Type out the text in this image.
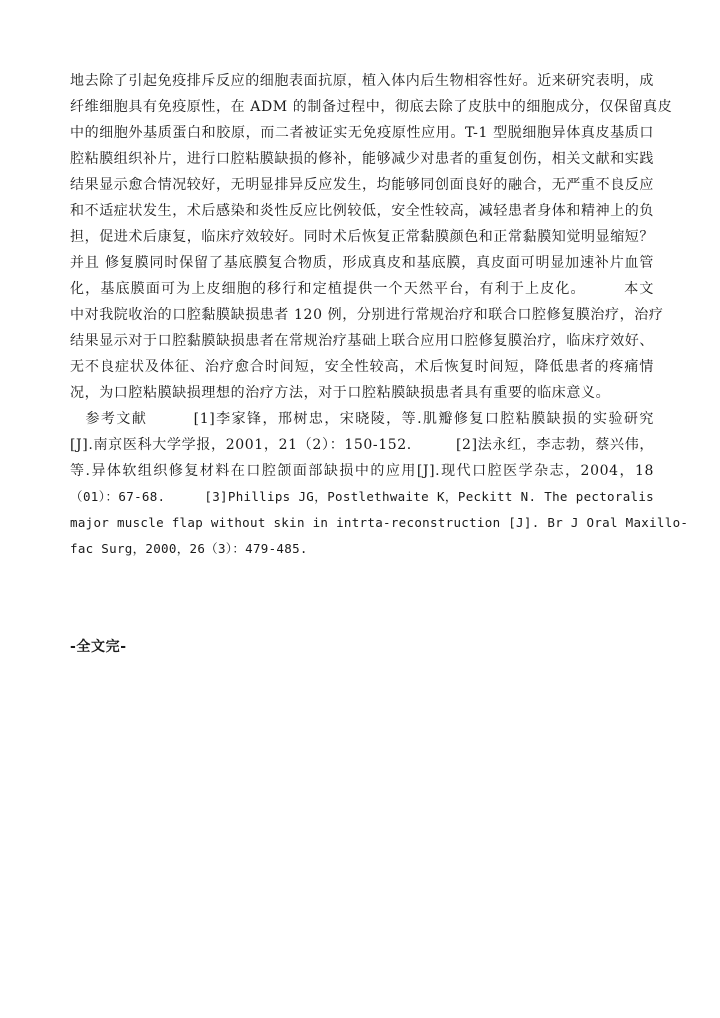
地去除了引起免疫排斥反应的细胞表面抗原，植入体内后生物相容性好。近来研究表明，成
纤维细胞具有免疫原性，在 ADM 的制备过程中，彻底去除了皮肤中的细胞成分，仅保留真皮
中的细胞外基质蛋白和胶原，而二者被证实无免疫原性应用。T-1 型脱细胞异体真皮基质口
腔粘膜组织补片，进行口腔粘膜缺损的修补，能够减少对患者的重复创伤，相关文献和实践
结果显示愈合情况较好，无明显排异反应发生，均能够同创面良好的融合，无严重不良反应
和不适症状发生，术后感染和炎性反应比例较低，安全性较高，减轻患者身体和精神上的负
担，促进术后康复，临床疗效较好。同时术后恢复正常黏膜颜色和正常黏膜知觉明显缩短？
并且 修复膜同时保留了基底膜复合物质，形成真皮和基底膜，真皮面可明显加速补片血管
化，基底膜面可为上皮细胞的移行和定植提供一个天然平台，有利于上皮化。　　　本文
中对我院收治的口腔黏膜缺损患者 120 例，分别进行常规治疗和联合口腔修复膜治疗，治疗
结果显示对于口腔黏膜缺损患者在常规治疗基础上联合应用口腔修复膜治疗，临床疗效好、
无不良症状及体征、治疗愈合时间短，安全性较高，术后恢复时间短，降低患者的疼痛情
况，为口腔粘膜缺损理想的治疗方法，对于口腔粘膜缺损患者具有重要的临床意义。
　参考文献　　　[1]李家锋，邢树忠，宋晓陵，等.肌瓣修复口腔粘膜缺损的实验研究
[J].南京医科大学学报，2001，21（2）：150-152.　　　[2]法永红，李志勃，蔡兴伟，
等.异体软组织修复材料在口腔颌面部缺损中的应用[J].现代口腔医学杂志，2004，18
（01）：67-68.　　　[3]Phillips JG，Postlethwaite K，Peckitt N. The pectoralis
major muscle flap without skin in intrta-reconstruction [J]. Br J Oral Maxillo-
fac Surg，2000，26（3）：479-485.
-全文完-
